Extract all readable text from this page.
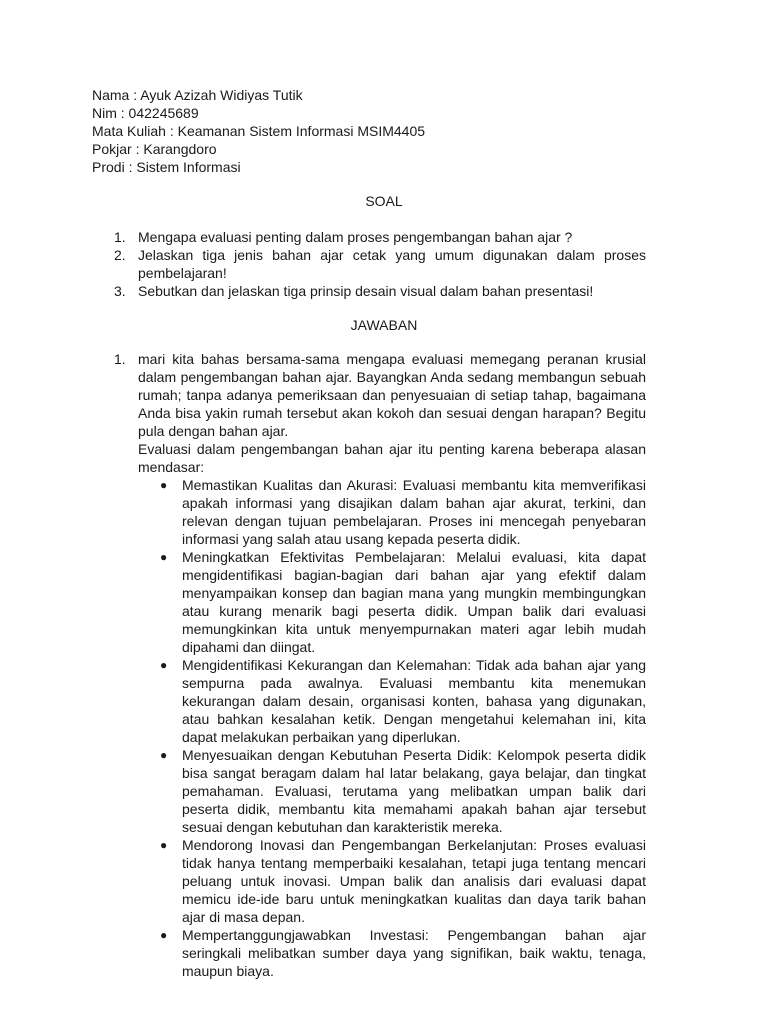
Nama : Ayuk Azizah Widiyas Tutik
Nim : 042245689
Mata Kuliah : Keamanan Sistem Informasi MSIM4405
Pokjar : Karangdoro
Prodi : Sistem Informasi
SOAL
1. Mengapa evaluasi penting dalam proses pengembangan bahan ajar ?
2. Jelaskan tiga jenis bahan ajar cetak yang umum digunakan dalam proses pembelajaran!
3. Sebutkan dan jelaskan tiga prinsip desain visual dalam bahan presentasi!
JAWABAN
1. mari kita bahas bersama-sama mengapa evaluasi memegang peranan krusial dalam pengembangan bahan ajar. Bayangkan Anda sedang membangun sebuah rumah; tanpa adanya pemeriksaan dan penyesuaian di setiap tahap, bagaimana Anda bisa yakin rumah tersebut akan kokoh dan sesuai dengan harapan? Begitu pula dengan bahan ajar.
Evaluasi dalam pengembangan bahan ajar itu penting karena beberapa alasan mendasar:
● Memastikan Kualitas dan Akurasi: Evaluasi membantu kita memverifikasi apakah informasi yang disajikan dalam bahan ajar akurat, terkini, dan relevan dengan tujuan pembelajaran. Proses ini mencegah penyebaran informasi yang salah atau usang kepada peserta didik.
● Meningkatkan Efektivitas Pembelajaran: Melalui evaluasi, kita dapat mengidentifikasi bagian-bagian dari bahan ajar yang efektif dalam menyampaikan konsep dan bagian mana yang mungkin membingungkan atau kurang menarik bagi peserta didik. Umpan balik dari evaluasi memungkinkan kita untuk menyempurnakan materi agar lebih mudah dipahami dan diingat.
● Mengidentifikasi Kekurangan dan Kelemahan: Tidak ada bahan ajar yang sempurna pada awalnya. Evaluasi membantu kita menemukan kekurangan dalam desain, organisasi konten, bahasa yang digunakan, atau bahkan kesalahan ketik. Dengan mengetahui kelemahan ini, kita dapat melakukan perbaikan yang diperlukan.
● Menyesuaikan dengan Kebutuhan Peserta Didik: Kelompok peserta didik bisa sangat beragam dalam hal latar belakang, gaya belajar, dan tingkat pemahaman. Evaluasi, terutama yang melibatkan umpan balik dari peserta didik, membantu kita memahami apakah bahan ajar tersebut sesuai dengan kebutuhan dan karakteristik mereka.
● Mendorong Inovasi dan Pengembangan Berkelanjutan: Proses evaluasi tidak hanya tentang memperbaiki kesalahan, tetapi juga tentang mencari peluang untuk inovasi. Umpan balik dan analisis dari evaluasi dapat memicu ide-ide baru untuk meningkatkan kualitas dan daya tarik bahan ajar di masa depan.
● Mempertanggungjawabkan Investasi: Pengembangan bahan ajar seringkali melibatkan sumber daya yang signifikan, baik waktu, tenaga, maupun biaya.
